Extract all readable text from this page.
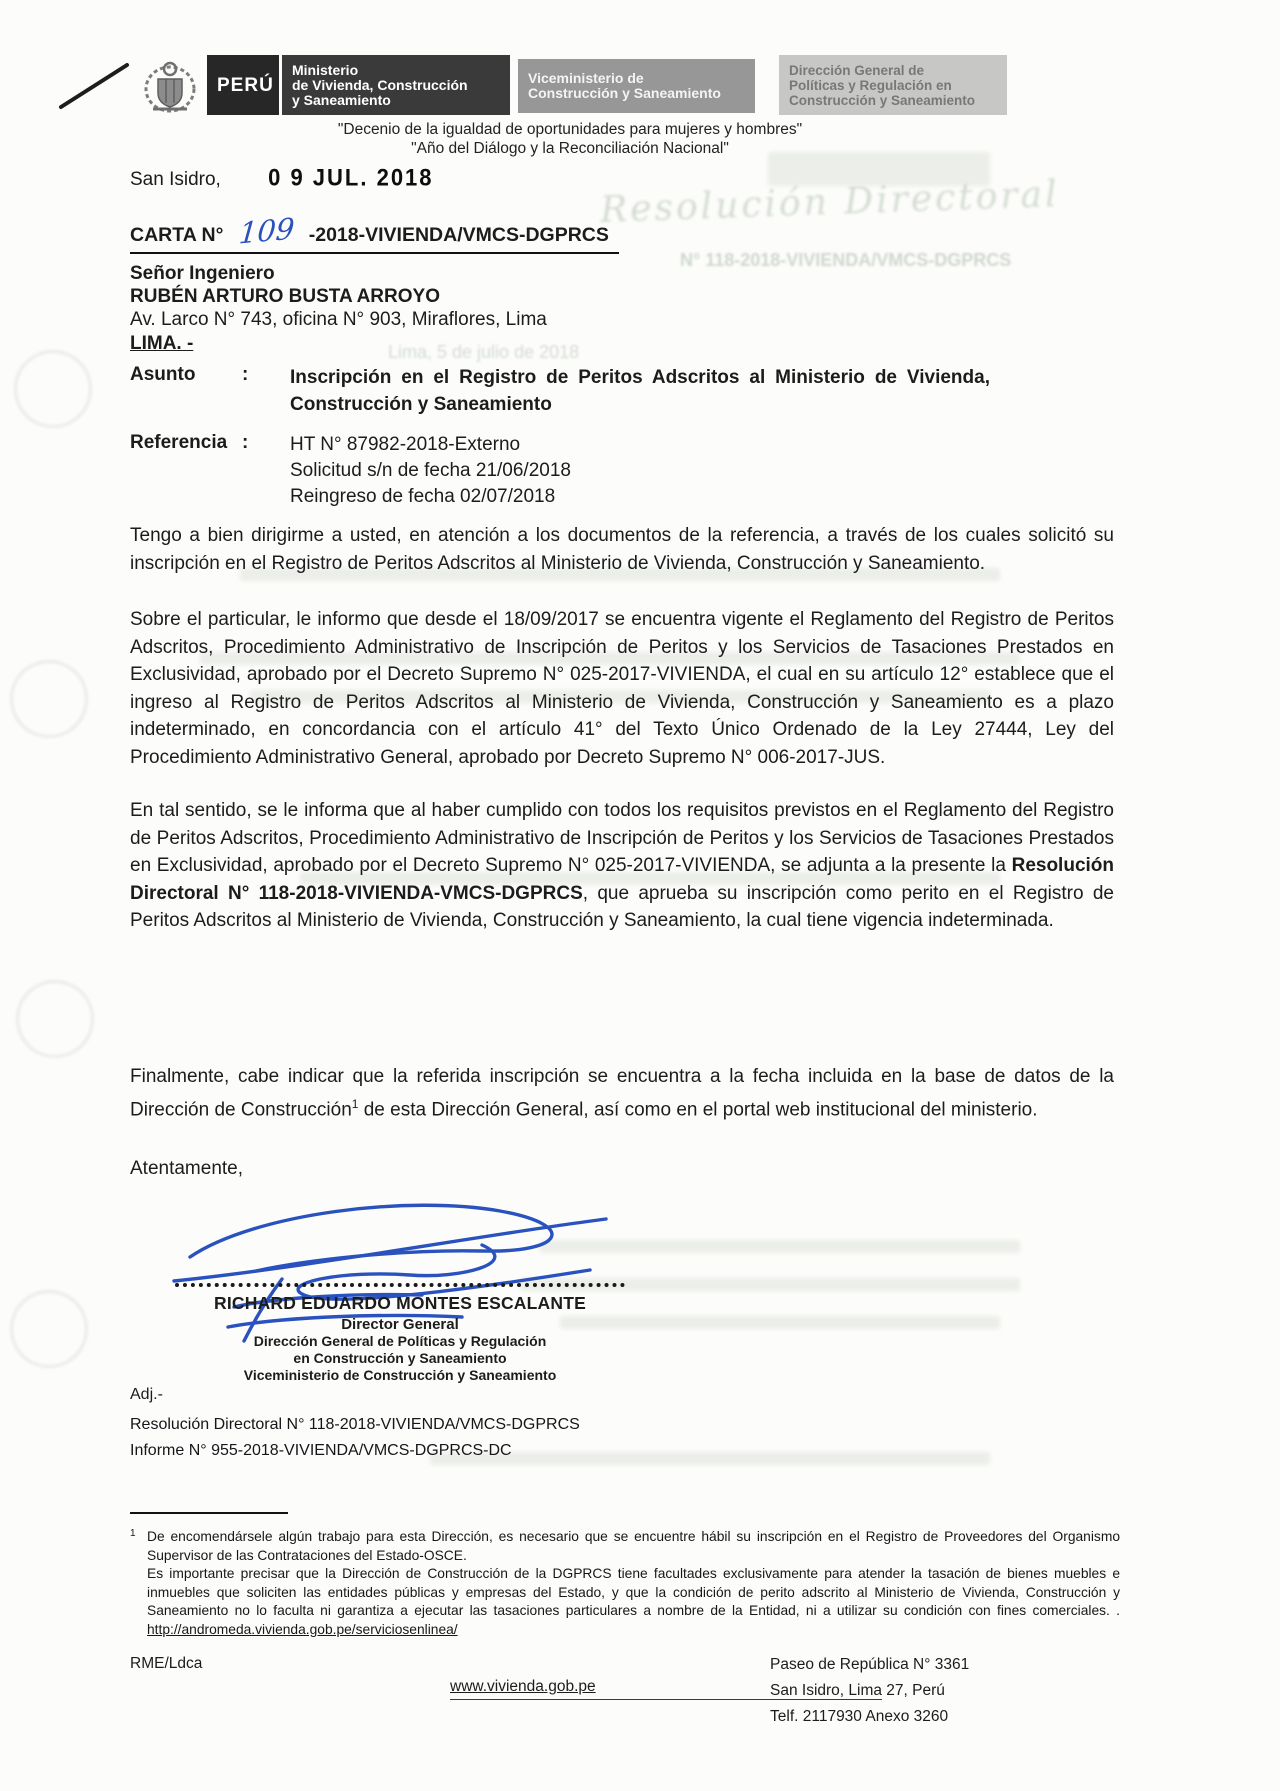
Resolución Directoral
N° 118-2018-VIVIENDA/VMCS-DGPRCS
Lima, 5 de julio de 2018
PERÚ
Ministerio
de Vivienda, Construcción
y Saneamiento
Viceministerio de
Construcción y Saneamiento
Dirección General de
Políticas y Regulación en
Construcción y Saneamiento
"Decenio de la igualdad de oportunidades para mujeres y hombres"
"Año del Diálogo y la Reconciliación Nacional"
San Isidro, 0 9 JUL. 2018
CARTA N° 109 -2018-VIVIENDA/VMCS-DGPRCS
Señor Ingeniero
RUBÉN ARTURO BUSTA ARROYO
Av. Larco N° 743, oficina N° 903, Miraflores, Lima
LIMA. -
Asunto	:	Inscripción en el Registro de Peritos Adscritos al Ministerio de Vivienda, Construcción y Saneamiento
Referencia :	HT N° 87982-2018-Externo
Solicitud s/n de fecha 21/06/2018
Reingreso de fecha 02/07/2018
Tengo a bien dirigirme a usted, en atención a los documentos de la referencia, a través de los cuales solicitó su inscripción en el Registro de Peritos Adscritos al Ministerio de Vivienda, Construcción y Saneamiento.
Sobre el particular, le informo que desde el 18/09/2017 se encuentra vigente el Reglamento del Registro de Peritos Adscritos, Procedimiento Administrativo de Inscripción de Peritos y los Servicios de Tasaciones Prestados en Exclusividad, aprobado por el Decreto Supremo N° 025-2017-VIVIENDA, el cual en su artículo 12° establece que el ingreso al Registro de Peritos Adscritos al Ministerio de Vivienda, Construcción y Saneamiento es a plazo indeterminado, en concordancia con el artículo 41° del Texto Único Ordenado de la Ley 27444, Ley del Procedimiento Administrativo General, aprobado por Decreto Supremo N° 006-2017-JUS.
En tal sentido, se le informa que al haber cumplido con todos los requisitos previstos en el Reglamento del Registro de Peritos Adscritos, Procedimiento Administrativo de Inscripción de Peritos y los Servicios de Tasaciones Prestados en Exclusividad, aprobado por el Decreto Supremo N° 025-2017-VIVIENDA, se adjunta a la presente la Resolución Directoral N° 118-2018-VIVIENDA-VMCS-DGPRCS, que aprueba su inscripción como perito en el Registro de Peritos Adscritos al Ministerio de Vivienda, Construcción y Saneamiento, la cual tiene vigencia indeterminada.
Finalmente, cabe indicar que la referida inscripción se encuentra a la fecha incluida en la base de datos de la Dirección de Construcción$^1$ de esta Dirección General, así como en el portal web institucional del ministerio.
Atentamente,
RICHARD EDUARDO MONTES ESCALANTE
Director General
Dirección General de Políticas y Regulación
en Construcción y Saneamiento
Viceministerio de Construcción y Saneamiento
Adj.-
Resolución Directoral N° 118-2018-VIVIENDA/VMCS-DGPRCS
Informe N° 955-2018-VIVIENDA/VMCS-DGPRCS-DC
1 De encomendársele algún trabajo para esta Dirección, es necesario que se encuentre hábil su inscripción en el Registro de Proveedores del Organismo Supervisor de las Contrataciones del Estado-OSCE.
Es importante precisar que la Dirección de Construcción de la DGPRCS tiene facultades exclusivamente para atender la tasación de bienes muebles e inmuebles que soliciten las entidades públicas y empresas del Estado, y que la condición de perito adscrito al Ministerio de Vivienda, Construcción y Saneamiento no lo faculta ni garantiza a ejecutar las tasaciones particulares a nombre de la Entidad, ni a utilizar su condición con fines comerciales. . http://andromeda.vivienda.gob.pe/serviciosenlinea/
RME/Ldca
www.vivienda.gob.pe
Paseo de República N° 3361
San Isidro, Lima 27, Perú
Telf. 2117930 Anexo 3260
